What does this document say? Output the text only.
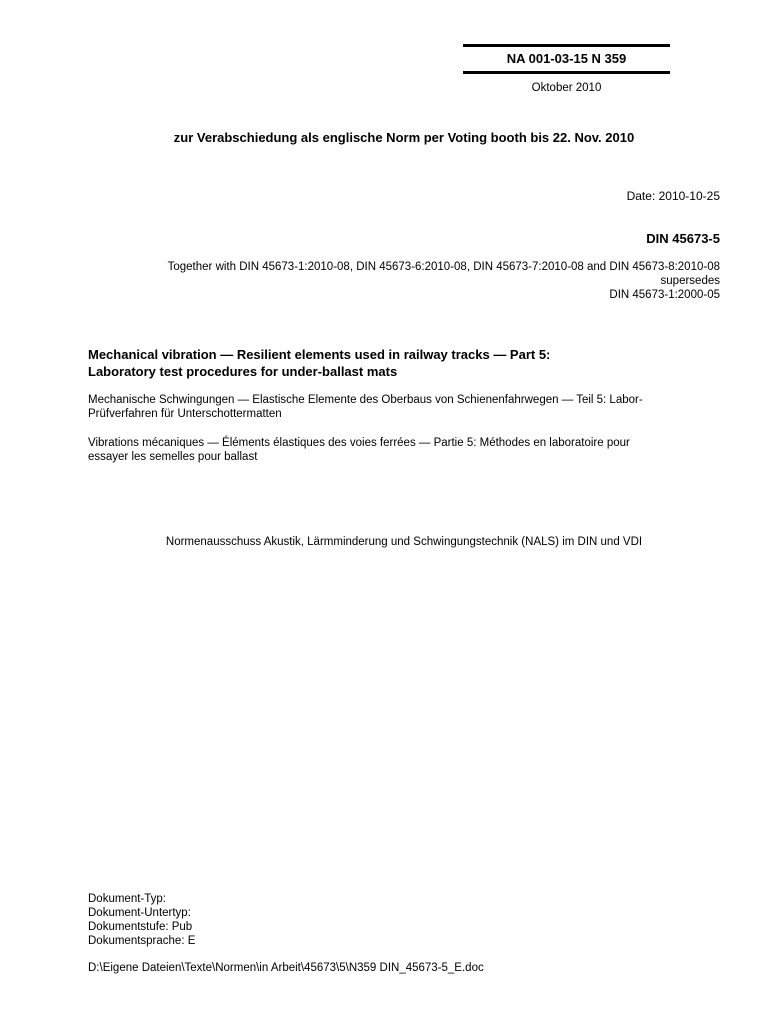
NA 001-03-15 N 359
Oktober 2010
zur Verabschiedung als englische Norm per Voting booth bis 22. Nov. 2010
Date: 2010-10-25
DIN 45673-5
Together with DIN 45673-1:2010-08, DIN 45673-6:2010-08, DIN 45673-7:2010-08 and DIN 45673-8:2010-08
supersedes
DIN 45673-1:2000-05
Mechanical vibration — Resilient elements used in railway tracks — Part 5:
Laboratory test procedures for under-ballast mats
Mechanische Schwingungen — Elastische Elemente des Oberbaus von Schienenfahrwegen — Teil 5: Labor-
Prüfverfahren für Unterschottermatten
Vibrations mécaniques — Éléments élastiques des voies ferrées — Partie 5: Méthodes en laboratoire pour
essayer les semelles pour ballast
Normenausschuss Akustik, Lärmminderung und Schwingungstechnik (NALS) im DIN und VDI
Dokument-Typ:
Dokument-Untertyp:
Dokumentstufe: Pub
Dokumentsprache: E
D:\Eigene Dateien\Texte\Normen\in Arbeit\45673\5\N359 DIN_45673-5_E.doc
